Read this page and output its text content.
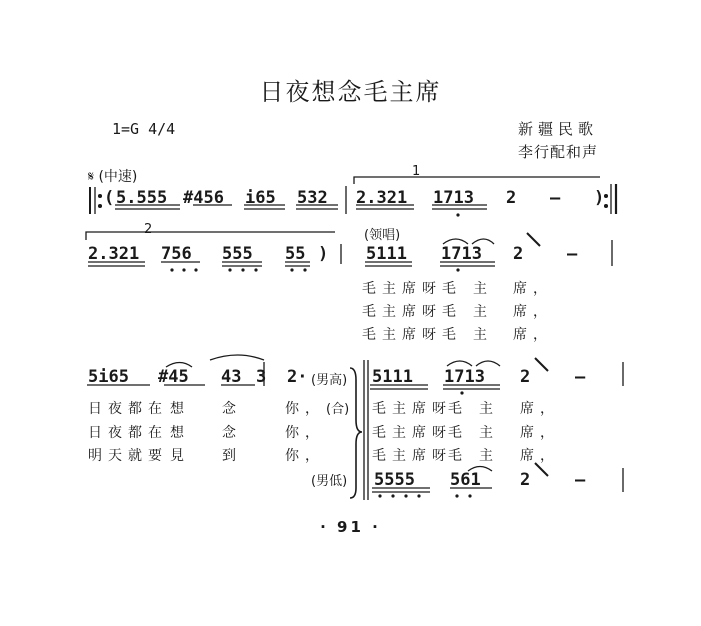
日夜想念毛主席
1=G 4/4	新疆民歌
李行配和声
𝄋 (中速)	1
( 5.555 #456 i65 532 2.321 1713 2 – )
2	(领唱)
2.321 756 555 55 ) 5111 1713 2	–
毛主席呀 毛 主 席，
毛主席呀 毛 主 席，
毛主席呀 毛 主 席，
5i65 #45 43 3 2· (男高) 5111 1713 2	–
(合)
日夜都在 想 念	你，
日夜都在 想 念	你，
明天就要 見 到	你，
毛主席呀
毛 主 席，
毛主席呀
毛 主 席，
毛主席呀
毛 主 席，
(男低) 5555 561 2	–
· 91 ·
